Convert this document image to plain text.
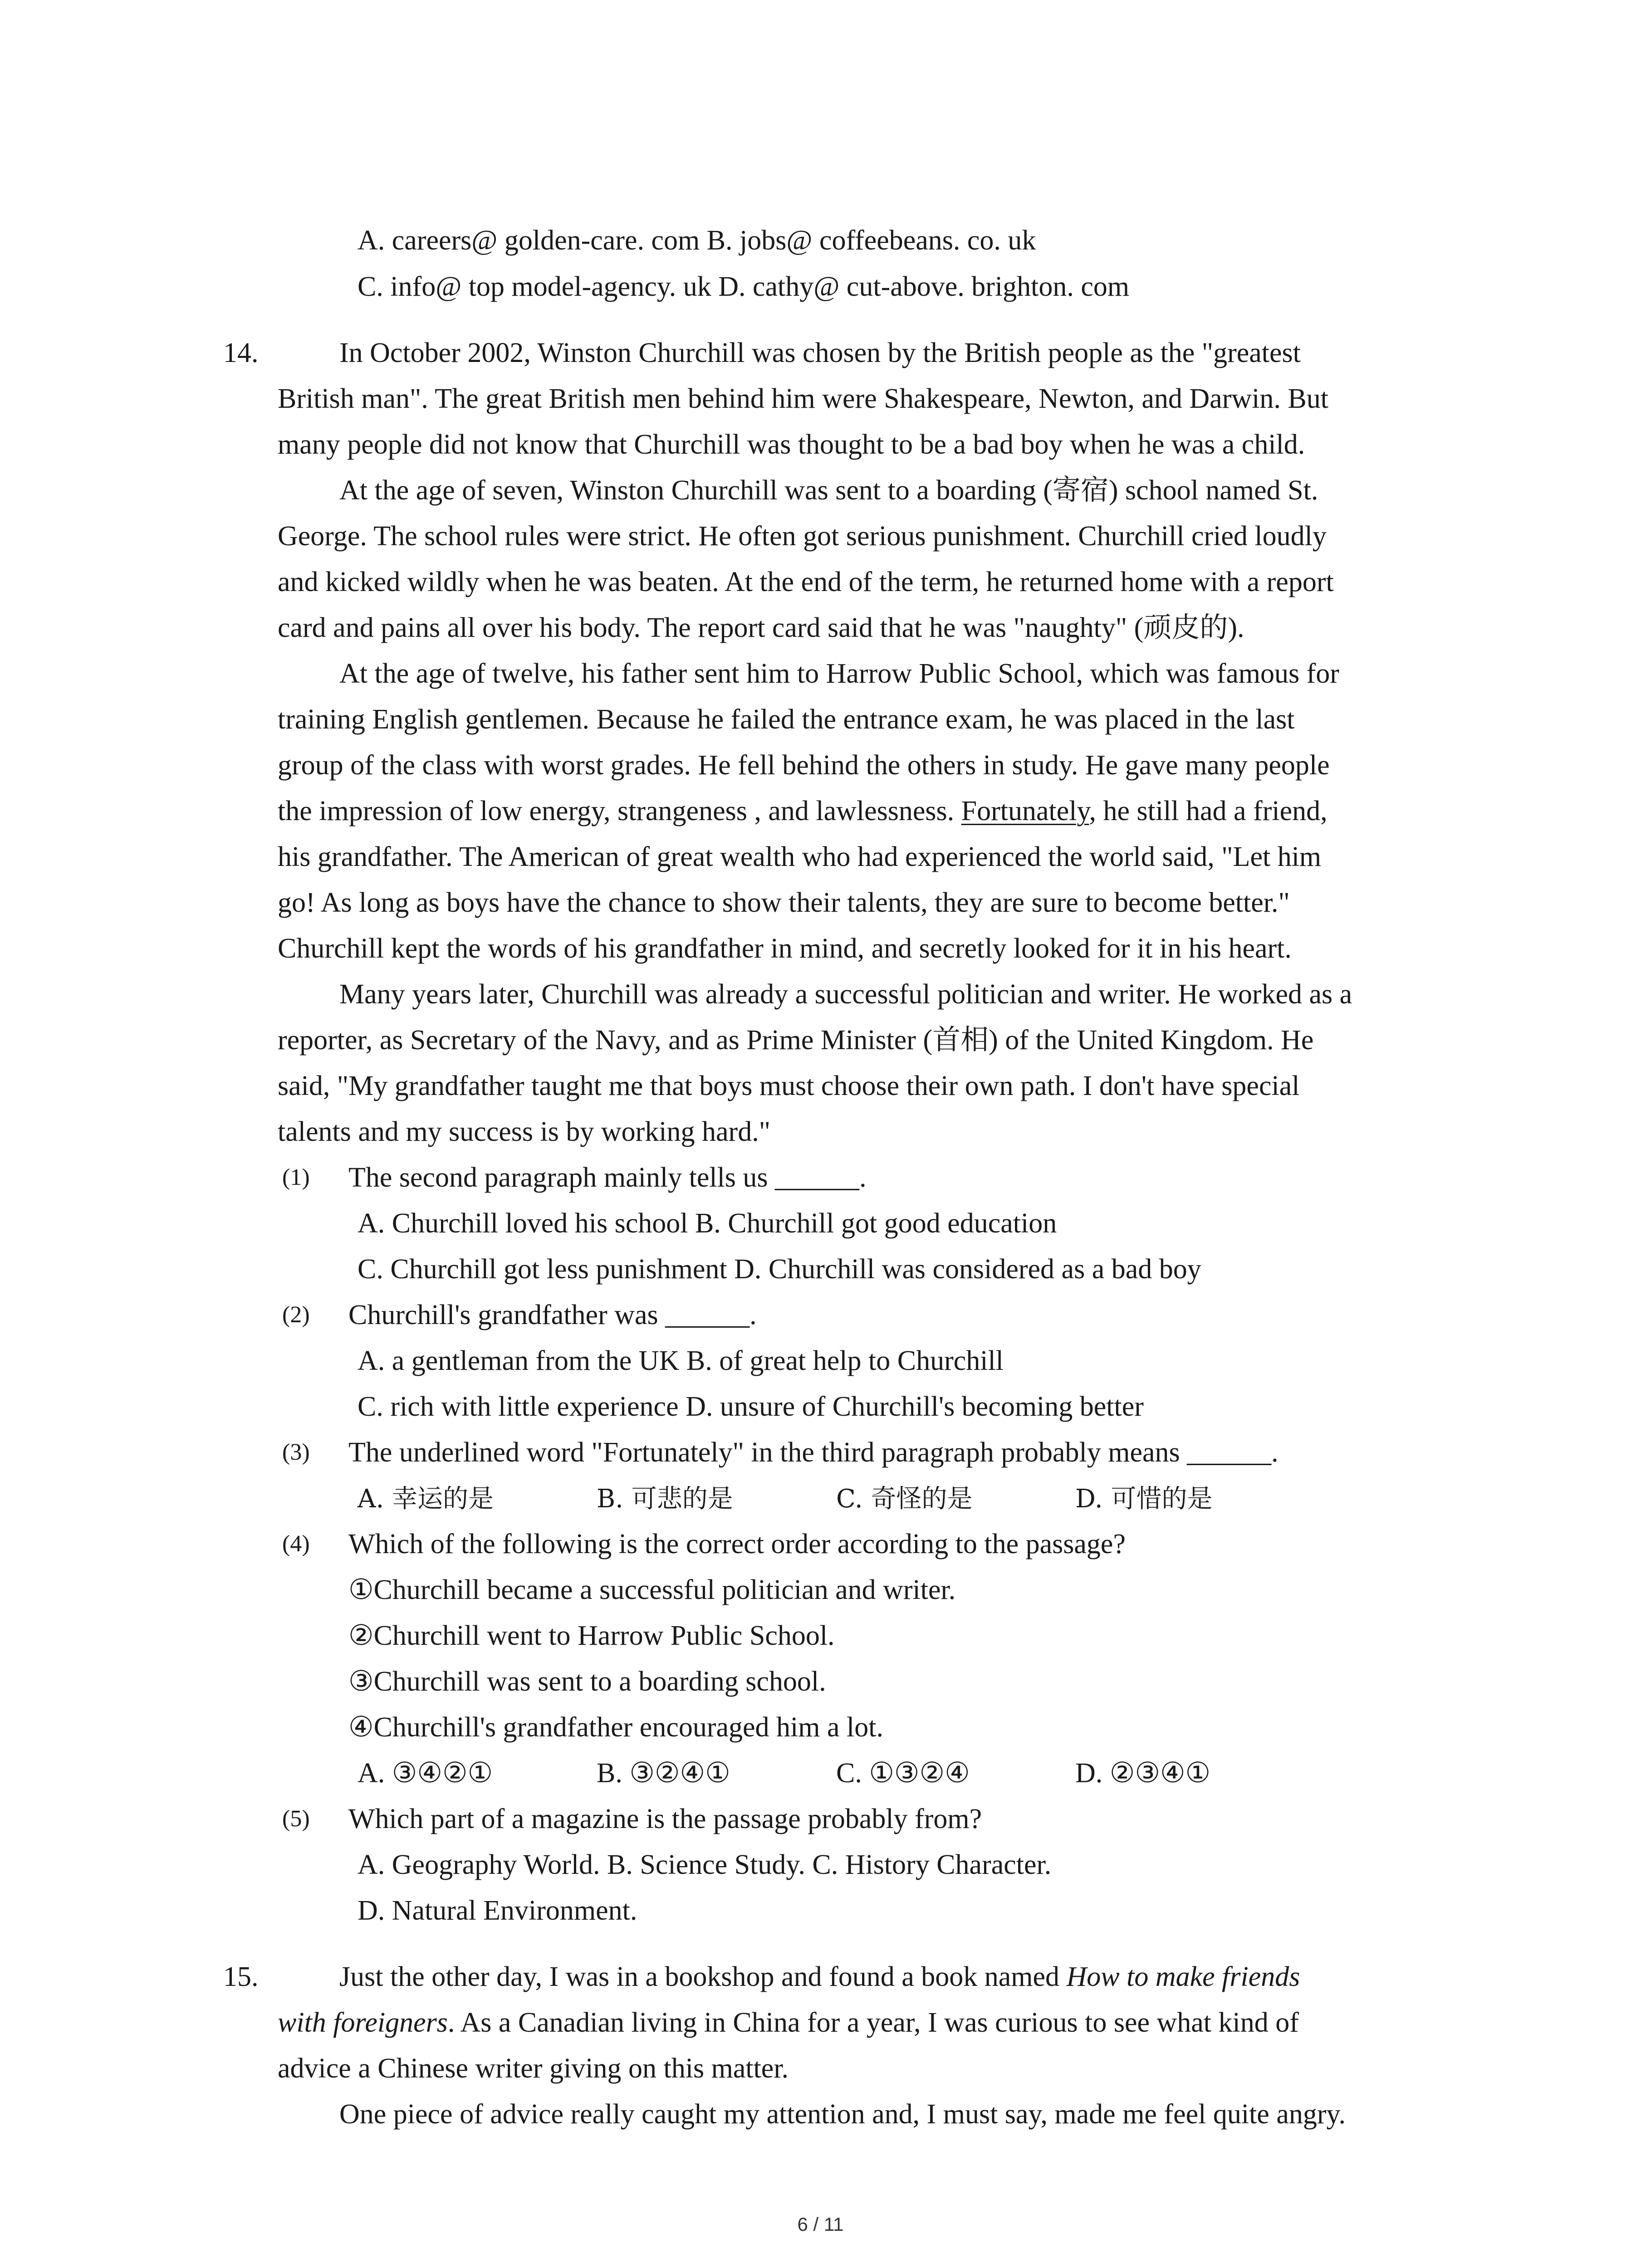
A. careers@ golden-care. com B. jobs@ coffeebeans. co. uk
C. info@ top model-agency. uk D. cathy@ cut-above. brighton. com
14.	In October 2002, Winston Churchill was chosen by the British people as the "greatest
British man". The great British men behind him were Shakespeare, Newton, and Darwin. But
many people did not know that Churchill was thought to be a bad boy when he was a child.
At the age of seven, Winston Churchill was sent to a boarding (寄宿) school named St.
George. The school rules were strict. He often got serious punishment. Churchill cried loudly
and kicked wildly when he was beaten. At the end of the term, he returned home with a report
card and pains all over his body. The report card said that he was "naughty" (顽皮的).
At the age of twelve, his father sent him to Harrow Public School, which was famous for
training English gentlemen. Because he failed the entrance exam, he was placed in the last
group of the class with worst grades. He fell behind the others in study. He gave many people
the impression of low energy, strangeness , and lawlessness. Fortunately, he still had a friend,
his grandfather. The American of great wealth who had experienced the world said, "Let him
go! As long as boys have the chance to show their talents, they are sure to become better."
Churchill kept the words of his grandfather in mind, and secretly looked for it in his heart.
Many years later, Churchill was already a successful politician and writer. He worked as a
reporter, as Secretary of the Navy, and as Prime Minister (首相) of the United Kingdom. He
said, "My grandfather taught me that boys must choose their own path. I don't have special
talents and my success is by working hard."
(1) The second paragraph mainly tells us ______.
A. Churchill loved his school B. Churchill got good education
C. Churchill got less punishment D. Churchill was considered as a bad boy
(2) Churchill's grandfather was ______.
A. a gentleman from the UK B. of great help to Churchill
C. rich with little experience D. unsure of Churchill's becoming better
(3) The underlined word "Fortunately" in the third paragraph probably means ______.
A. 幸运的是	B. 可悲的是	C. 奇怪的是	D. 可惜的是
(4) Which of the following is the correct order according to the passage?
①Churchill became a successful politician and writer.
②Churchill went to Harrow Public School.
③Churchill was sent to a boarding school.
④Churchill's grandfather encouraged him a lot.
A. ③④②①	B. ③②④①	C. ①③②④	D. ②③④①
(5) Which part of a magazine is the passage probably from?
A. Geography World. B. Science Study. C. History Character.
D. Natural Environment.
15.	Just the other day, I was in a bookshop and found a book named How to make friends
with foreigners. As a Canadian living in China for a year, I was curious to see what kind of
advice a Chinese writer giving on this matter.
One piece of advice really caught my attention and, I must say, made me feel quite angry.
6 / 11
